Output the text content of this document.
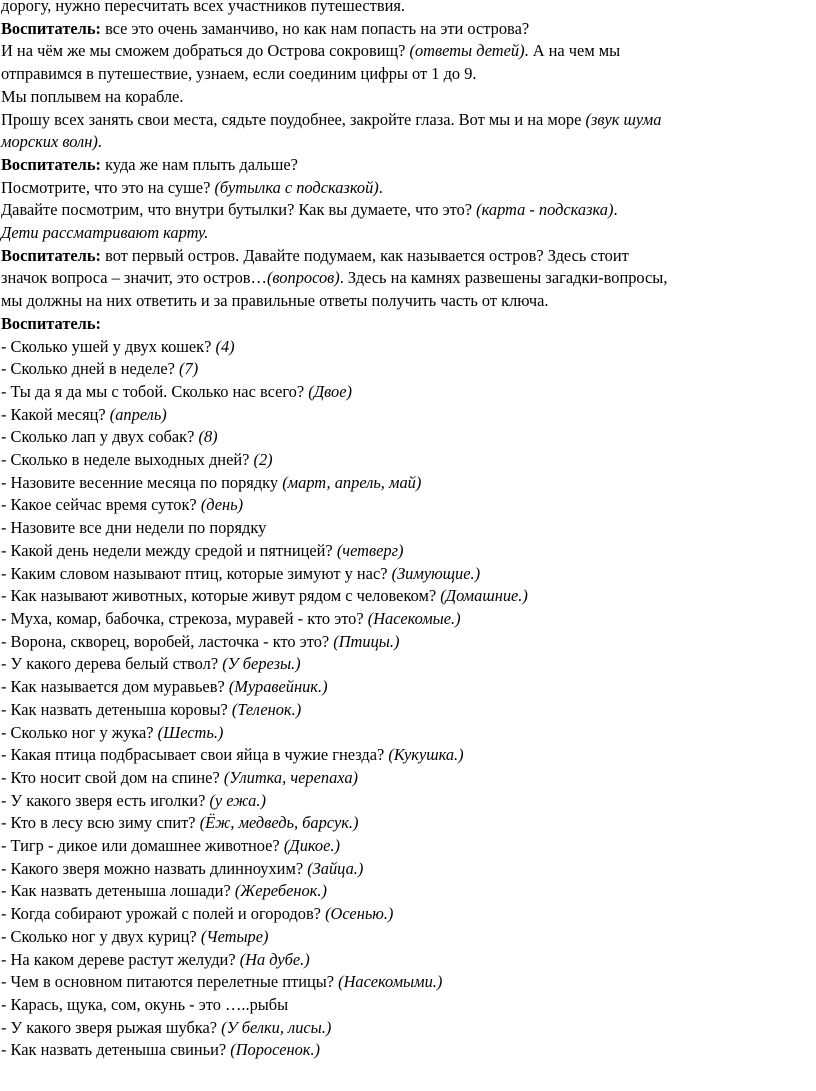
дорогу, нужно пересчитать всех участников путешествия.
Воспитатель: все это очень заманчиво, но как нам попасть на эти острова?
И на чём же мы сможем добраться до Острова сокровищ? (ответы детей). А на чем мы
отправимся в путешествие, узнаем, если соединим цифры от 1 до 9.
Мы поплывем на корабле.
Прошу всех занять свои места, сядьте поудобнее, закройте глаза. Вот мы и на море (звук шума
морских волн).
Воспитатель: куда же нам плыть дальше?
Посмотрите, что это на суше? (бутылка с подсказкой).
Давайте посмотрим, что внутри бутылки? Как вы думаете, что это? (карта - подсказка).
Дети рассматривают карту.
Воспитатель: вот первый остров. Давайте подумаем, как называется остров? Здесь стоит
значок вопроса – значит, это остров…(вопросов). Здесь на камнях развешены загадки-вопросы,
мы должны на них ответить и за правильные ответы получить часть от ключа.
Воспитатель:
- Сколько ушей у двух кошек? (4)
- Сколько дней в неделе? (7)
- Ты да я да мы с тобой. Сколько нас всего? (Двое)
- Какой месяц? (апрель)
- Сколько лап у двух собак? (8)
- Сколько в неделе выходных дней? (2)
- Назовите весенние месяца по порядку (март, апрель, май)
- Какое сейчас время суток? (день)
- Назовите все дни недели по порядку
- Какой день недели между средой и пятницей? (четверг)
- Каким словом называют птиц, которые зимуют у нас? (Зимующие.)
- Как называют животных, которые живут рядом с человеком? (Домашние.)
- Муха, комар, бабочка, стрекоза, муравей - кто это? (Насекомые.)
- Ворона, скворец, воробей, ласточка - кто это? (Птицы.)
- У какого дерева белый ствол? (У березы.)
- Как называется дом муравьев? (Муравейник.)
- Как назвать детеныша коровы? (Теленок.)
- Сколько ног у жука? (Шесть.)
- Какая птица подбрасывает свои яйца в чужие гнезда? (Кукушка.)
- Кто носит свой дом на спине? (Улитка, черепаха)
- У какого зверя есть иголки? (у ежа.)
- Кто в лесу всю зиму спит? (Ёж, медведь, барсук.)
- Тигр - дикое или домашнее животное? (Дикое.)
- Какого зверя можно назвать длинноухим? (Зайца.)
- Как назвать детеныша лошади? (Жеребенок.)
- Когда собирают урожай с полей и огородов? (Осенью.)
- Сколько ног у двух куриц? (Четыре)
- На каком дереве растут желуди? (На дубе.)
- Чем в основном питаются перелетные птицы? (Насекомыми.)
- Карась, щука, сом, окунь - это …..рыбы
- У какого зверя рыжая шубка? (У белки, лисы.)
- Как назвать детеныша свиньи? (Поросенок.)
